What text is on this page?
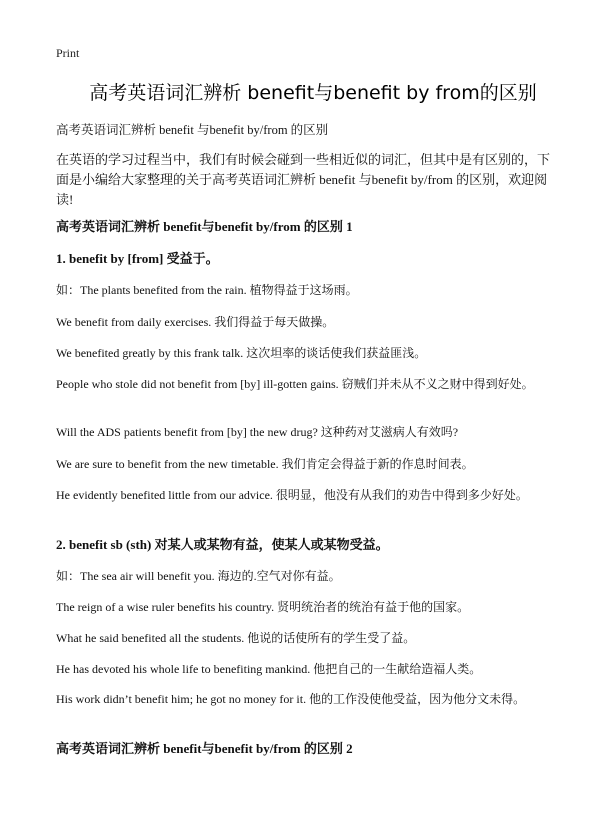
Print
高考英语词汇辨析 benefit与benefit by from的区别
高考英语词汇辨析 benefit 与benefit by/from 的区别
在英语的学习过程当中，我们有时候会碰到一些相近似的词汇，但其中是有区别的，下面是小编给大家整理的关于高考英语词汇辨析 benefit 与benefit by/from 的区别，欢迎阅读!
高考英语词汇辨析 benefit与benefit by/from 的区别 1
1. benefit by [from] 受益于。
如：The plants benefited from the rain. 植物得益于这场雨。
We benefit from daily exercises. 我们得益于每天做操。
We benefited greatly by this frank talk. 这次坦率的谈话使我们获益匪浅。
People who stole did not benefit from [by] ill-gotten gains. 窃贼们并未从不义之财中得到好处。
Will the ADS patients benefit from [by] the new drug? 这种药对艾滋病人有效吗?
We are sure to benefit from the new timetable. 我们肯定会得益于新的作息时间表。
He evidently benefited little from our advice. 很明显，他没有从我们的劝告中得到多少好处。
2. benefit sb (sth) 对某人或某物有益，使某人或某物受益。
如：The sea air will benefit you. 海边的.空气对你有益。
The reign of a wise ruler benefits his country. 贤明统治者的统治有益于他的国家。
What he said benefited all the students. 他说的话使所有的学生受了益。
He has devoted his whole life to benefiting mankind. 他把自己的一生献给造福人类。
His work didn’t benefit him; he got no money for it. 他的工作没使他受益，因为他分文未得。
高考英语词汇辨析 benefit与benefit by/from 的区别 2
